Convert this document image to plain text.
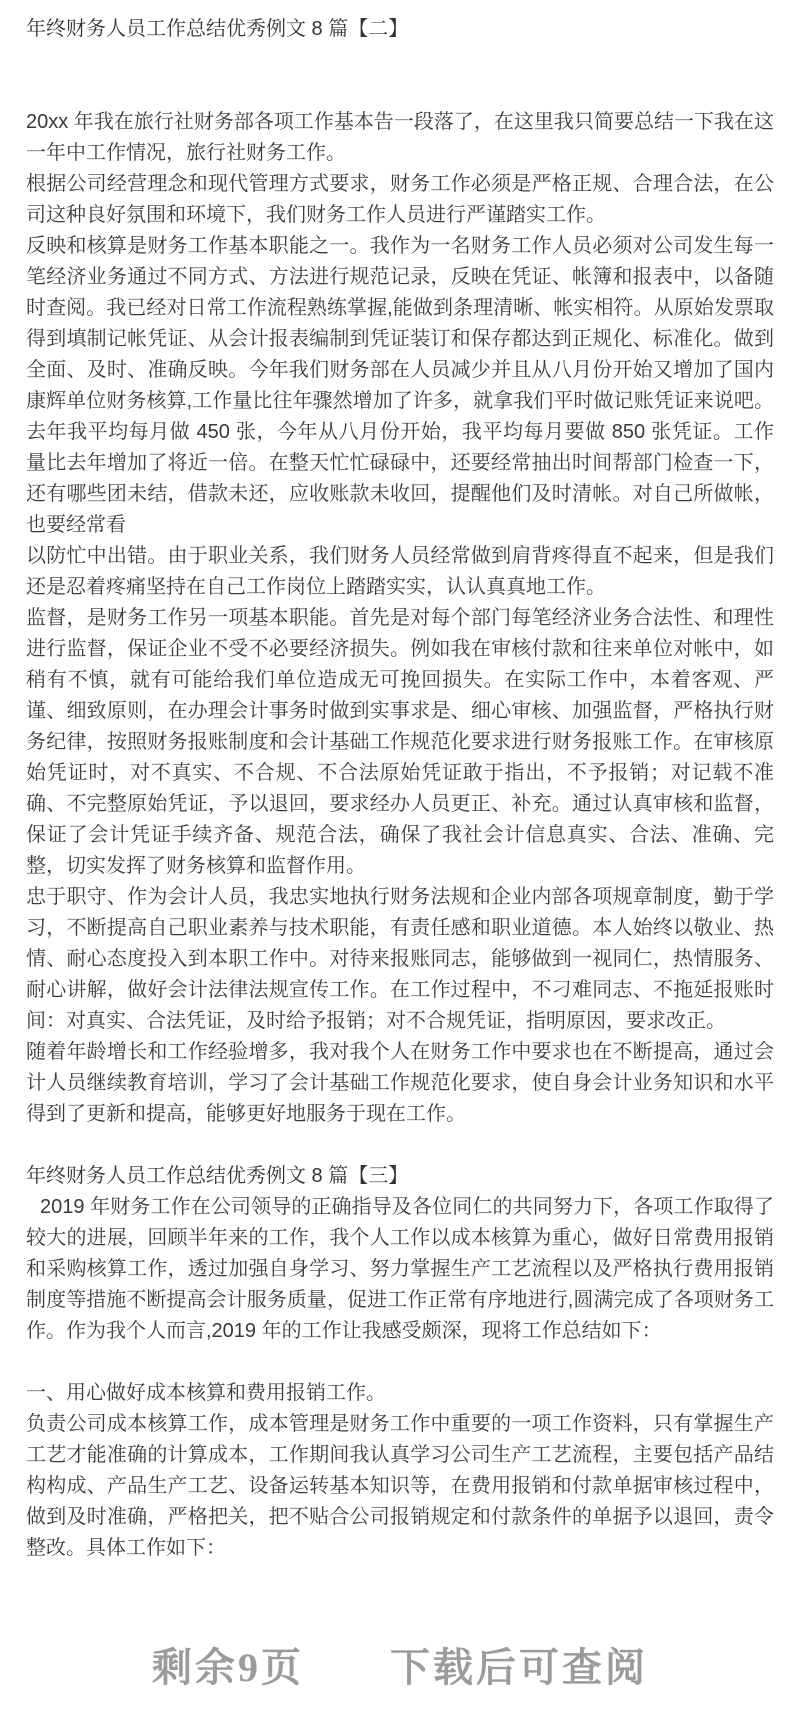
年终财务人员工作总结优秀例文 8 篇【二】

20xx 年我在旅行社财务部各项工作基本告一段落了，在这里我只简要总结一下我在这一年中工作情况，旅行社财务工作。

根据公司经营理念和现代管理方式要求，财务工作必须是严格正规、合理合法，在公司这种良好氛围和环境下，我们财务工作人员进行严谨踏实工作。

反映和核算是财务工作基本职能之一。我作为一名财务工作人员必须对公司发生每一笔经济业务通过不同方式、方法进行规范记录，反映在凭证、帐簿和报表中，以备随时查阅。我已经对日常工作流程熟练掌握,能做到条理清晰、帐实相符。从原始发票取得到填制记帐凭证、从会计报表编制到凭证装订和保存都达到正规化、标准化。做到全面、及时、准确反映。今年我们财务部在人员减少并且从八月份开始又增加了国内康辉单位财务核算,工作量比往年骤然增加了许多，就拿我们平时做记账凭证来说吧。去年我平均每月做 450 张，今年从八月份开始，我平均每月要做 850 张凭证。工作量比去年增加了将近一倍。在整天忙忙碌碌中，还要经常抽出时间帮部门检查一下，还有哪些团未结，借款未还，应收账款未收回，提醒他们及时清帐。对自己所做帐，也要经常看

以防忙中出错。由于职业关系，我们财务人员经常做到肩背疼得直不起来，但是我们还是忍着疼痛坚持在自己工作岗位上踏踏实实，认认真真地工作。

监督，是财务工作另一项基本职能。首先是对每个部门每笔经济业务合法性、和理性进行监督，保证企业不受不必要经济损失。例如我在审核付款和往来单位对帐中，如稍有不慎，就有可能给我们单位造成无可挽回损失。在实际工作中，本着客观、严谨、细致原则，在办理会计事务时做到实事求是、细心审核、加强监督，严格执行财务纪律，按照财务报账制度和会计基础工作规范化要求进行财务报账工作。在审核原始凭证时，对不真实、不合规、不合法原始凭证敢于指出，不予报销；对记载不准确、不完整原始凭证，予以退回，要求经办人员更正、补充。通过认真审核和监督，保证了会计凭证手续齐备、规范合法，确保了我社会计信息真实、合法、准确、完整，切实发挥了财务核算和监督作用。

忠于职守、作为会计人员，我忠实地执行财务法规和企业内部各项规章制度，勤于学习，不断提高自己职业素养与技术职能，有责任感和职业道德。本人始终以敬业、热情、耐心态度投入到本职工作中。对待来报账同志，能够做到一视同仁，热情服务、耐心讲解，做好会计法律法规宣传工作。在工作过程中，不刁难同志、不拖延报账时间：对真实、合法凭证，及时给予报销；对不合规凭证，指明原因，要求改正。

随着年龄增长和工作经验增多，我对我个人在财务工作中要求也在不断提高，通过会计人员继续教育培训，学习了会计基础工作规范化要求，使自身会计业务知识和水平得到了更新和提高，能够更好地服务于现在工作。

年终财务人员工作总结优秀例文 8 篇【三】

2019 年财务工作在公司领导的正确指导及各位同仁的共同努力下，各项工作取得了较大的进展，回顾半年来的工作，我个人工作以成本核算为重心，做好日常费用报销和采购核算工作，透过加强自身学习、努力掌握生产工艺流程以及严格执行费用报销制度等措施不断提高会计服务质量，促进工作正常有序地进行,圆满完成了各项财务工作。作为我个人而言,2019 年的工作让我感受颇深，现将工作总结如下：

一、用心做好成本核算和费用报销工作。

负责公司成本核算工作，成本管理是财务工作中重要的一项工作资料，只有掌握生产工艺才能准确的计算成本，工作期间我认真学习公司生产工艺流程，主要包括产品结构构成、产品生产工艺、设备运转基本知识等，在费用报销和付款单据审核过程中，做到及时准确，严格把关，把不贴合公司报销规定和付款条件的单据予以退回，责令整改。具体工作如下：

剩余9页　　下载后可查阅
